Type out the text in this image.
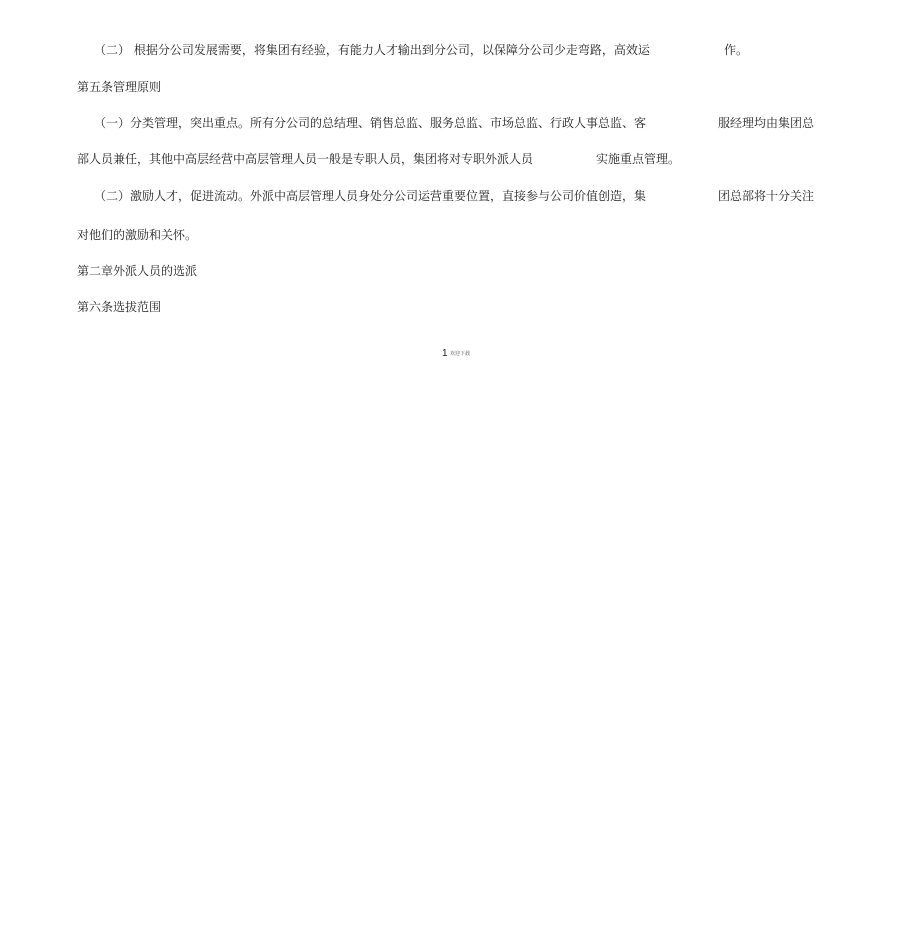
（二） 根据分公司发展需要，将集团有经验，有能力人才输出到分公司，以保障分公司少走弯路，高效运	作。
第五条管理原则
（一）分类管理，突出重点。所有分公司的总结理、销售总监、服务总监、市场总监、行政人事总监、客	服经理均由集团总
部人员兼任，其他中高层经营中高层管理人员一般是专职人员，集团将对专职外派人员	实施重点管理。
（二）激励人才，促进流动。外派中高层管理人员身处分公司运营重要位置，直接参与公司价值创造，集	团总部将十分关注
对他们的激励和关怀。
第二章外派人员的选派
第六条选拔范围
1 欢迎下载
